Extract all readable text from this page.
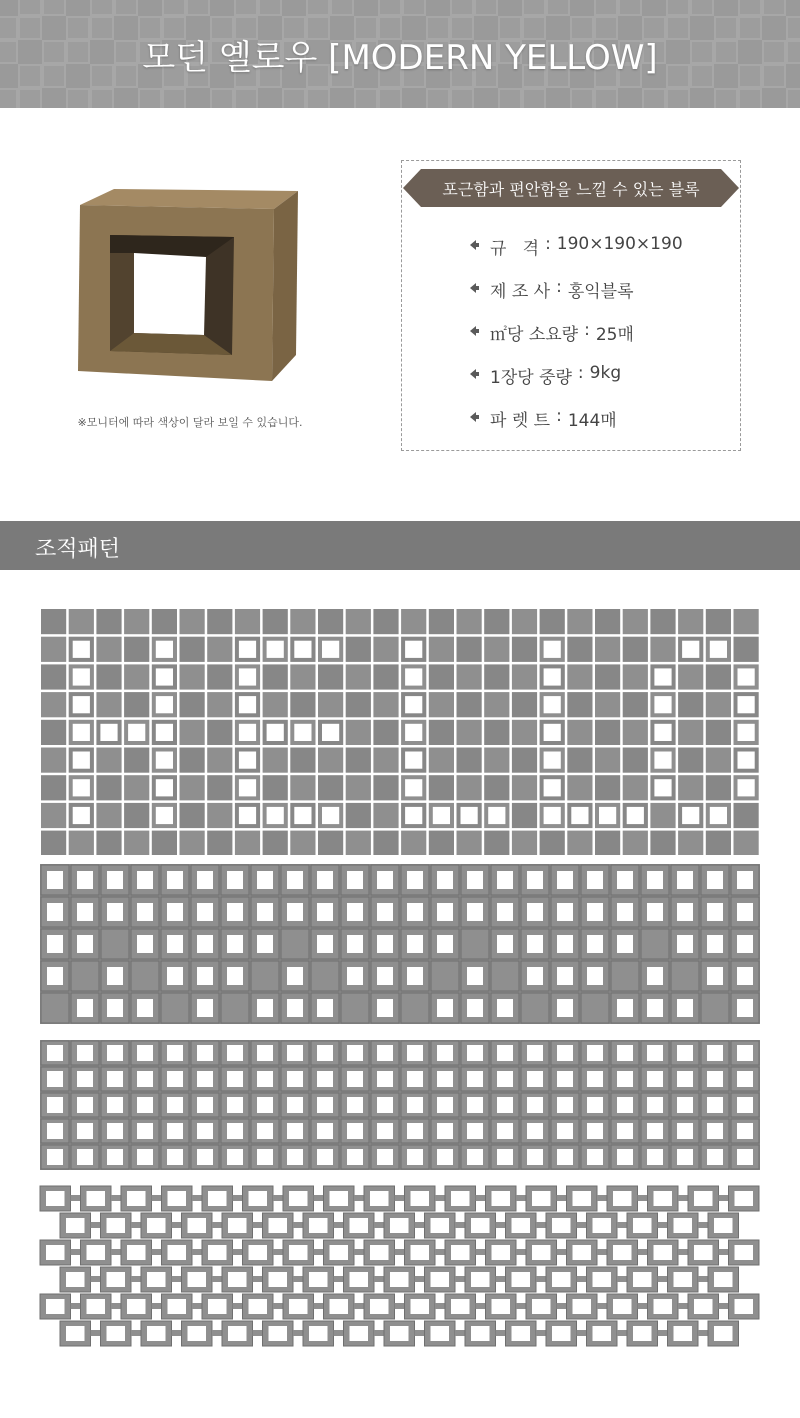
모던 옐로우 [MODERN YELLOW]
※모니터에 따라 색상이 달라 보일 수 있습니다.
포근함과 편안함을 느낄 수 있는 블록
규   격 : 190×190×190
제 조 사 : 홍익블록
㎡당 소요량 : 25매
1장당 중량 : 9kg
파 렛 트 : 144매
조적패턴
